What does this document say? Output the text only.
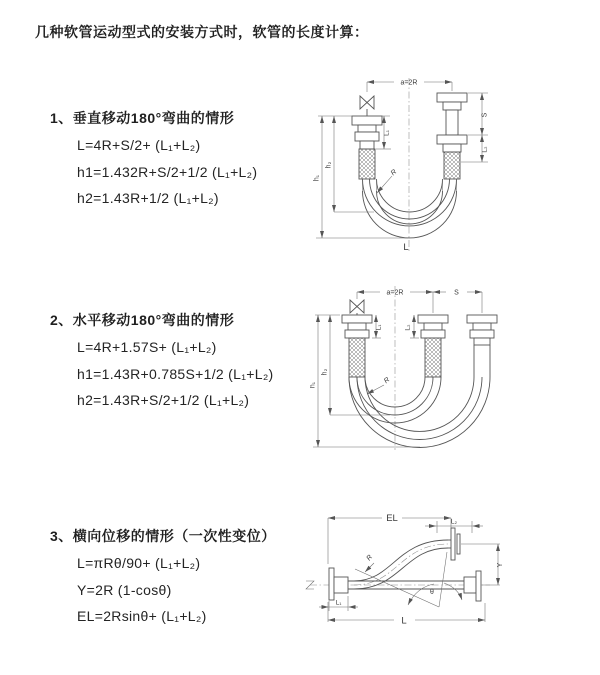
几种软管运动型式的安装方式时，软管的长度计算：
1、垂直移动180°弯曲的情形
L=4R+S/2+ (L₁+L₂)
h1=1.432R+S/2+1/2 (L₁+L₂)
h2=1.43R+1/2 (L₁+L₂)
2、水平移动180°弯曲的情形
L=4R+1.57S+ (L₁+L₂)
h1=1.43R+0.785S+1/2 (L₁+L₂)
h2=1.43R+S/2+1/2 (L₁+L₂)
3、横向位移的情形（一次性变位）
L=πRθ/90+ (L₁+L₂)
Y=2R (1-cosθ)
EL=2Rsinθ+ (L₁+L₂)
a=2R
R
L
h₁
h₂
L₁
S
L₂
a=2R	S
h₁
h₂
L₁	L₂
R
EL	L₂
Y
θ
R
L
L₁
